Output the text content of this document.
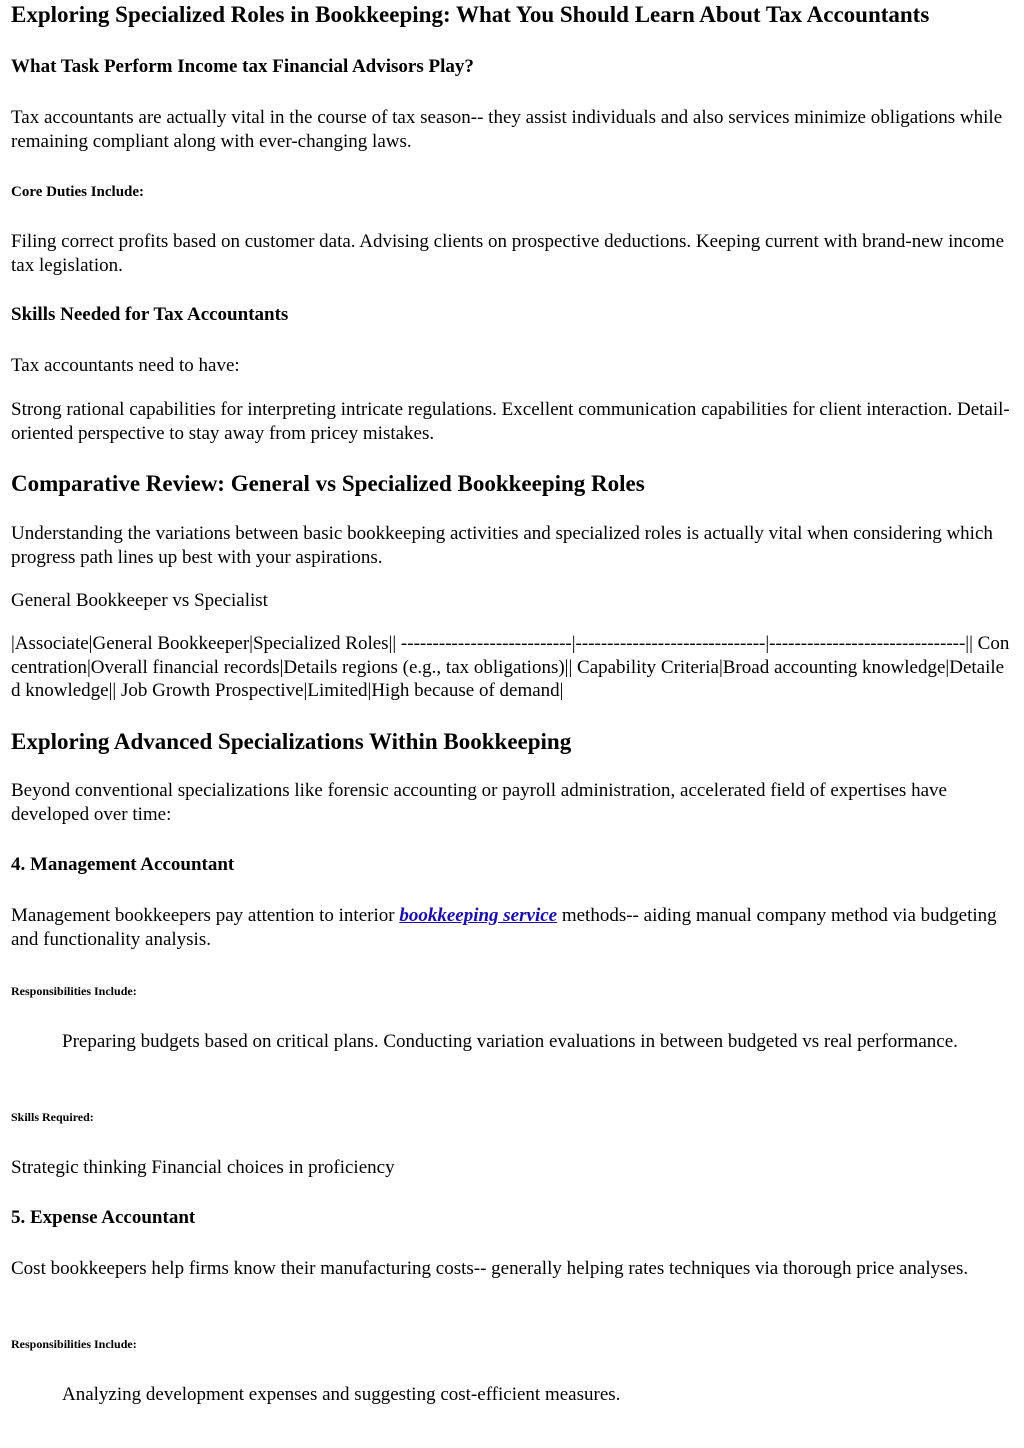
Exploring Specialized Roles in Bookkeeping: What You Should Learn About Tax Accountants
What Task Perform Income tax Financial Advisors Play?

Tax accountants are actually vital in the course of tax season-- they assist individuals and also services minimize obligations while remaining compliant along with ever-changing laws.

Core Duties Include:

Filing correct profits based on customer data. Advising clients on prospective deductions. Keeping current with brand-new income tax legislation.

Skills Needed for Tax Accountants

Tax accountants need to have:

Strong rational capabilities for interpreting intricate regulations. Excellent communication capabilities for client interaction. Detail-oriented perspective to stay away from pricey mistakes.

Comparative Review: General vs Specialized Bookkeeping Roles

Understanding the variations between basic bookkeeping activities and specialized roles is actually vital when considering which progress path lines up best with your aspirations.

General Bookkeeper vs Specialist

|Associate|General Bookkeeper|Specialized Roles|| ---------------------------|------------------------------|-------------------------------|| Concentration|Overall financial records|Details regions (e.g., tax obligations)|| Capability Criteria|Broad accounting knowledge|Detailed knowledge|| Job Growth Prospective|Limited|High because of demand|

Exploring Advanced Specializations Within Bookkeeping

Beyond conventional specializations like forensic accounting or payroll administration, accelerated field of expertises have developed over time:

4. Management Accountant

Management bookkeepers pay attention to interior bookkeeping service methods-- aiding manual company method via budgeting and functionality analysis.

Responsibilities Include:

Preparing budgets based on critical plans. Conducting variation evaluations in between budgeted vs real performance.

Skills Required:

Strategic thinking Financial choices in proficiency

5. Expense Accountant

Cost bookkeepers help firms know their manufacturing costs-- generally helping rates techniques via thorough price analyses.

Responsibilities Include:

Analyzing development expenses and suggesting cost-efficient measures.
